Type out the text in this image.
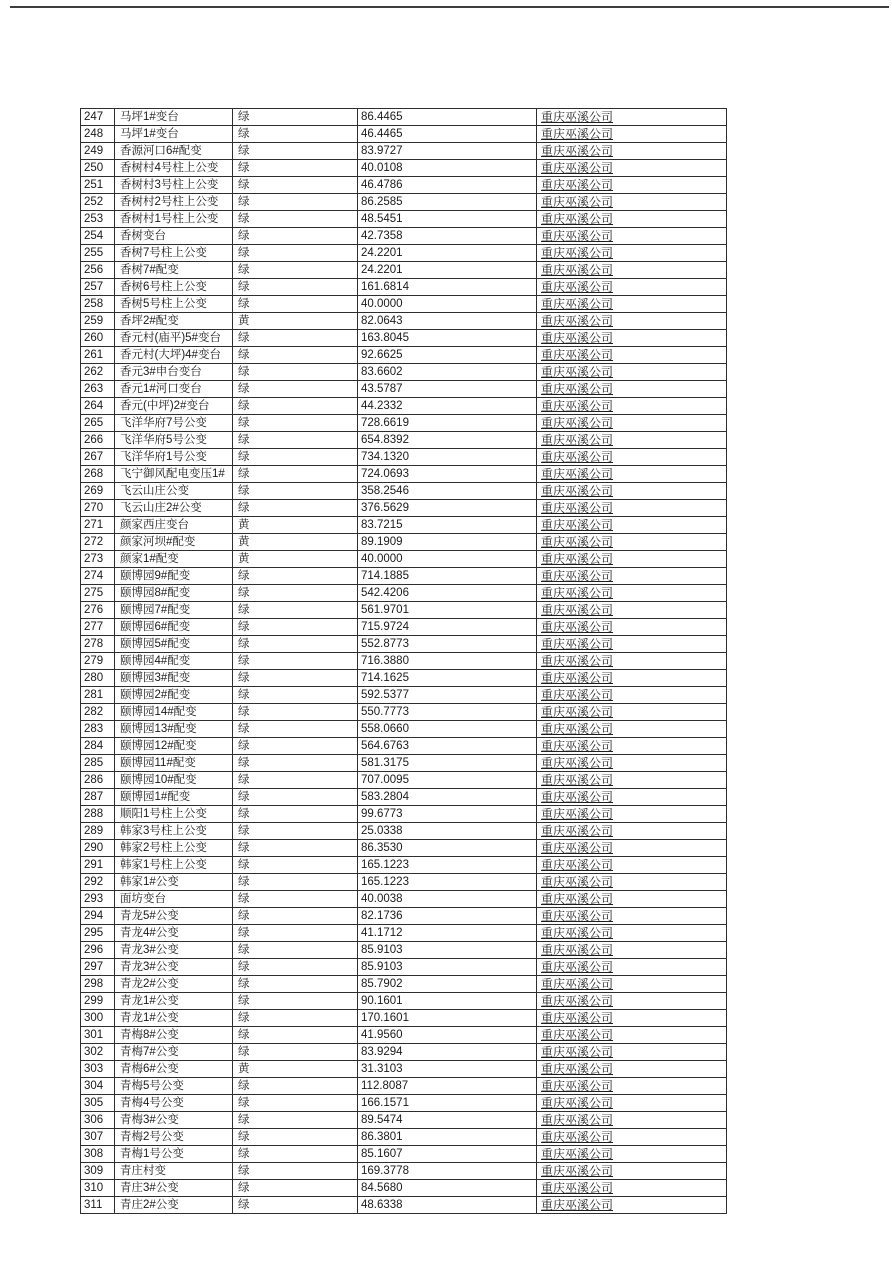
247	马坪1#变台	绿	86.4465	重庆巫溪公司
248	马坪1#变台	绿	46.4465	重庆巫溪公司
249	香源河口6#配变	绿	83.9727	重庆巫溪公司
250	香树村4号柱上公变	绿	40.0108	重庆巫溪公司
251	香树村3号柱上公变	绿	46.4786	重庆巫溪公司
252	香树村2号柱上公变	绿	86.2585	重庆巫溪公司
253	香树村1号柱上公变	绿	48.5451	重庆巫溪公司
254	香树变台	绿	42.7358	重庆巫溪公司
255	香树7号柱上公变	绿	24.2201	重庆巫溪公司
256	香树7#配变	绿	24.2201	重庆巫溪公司
257	香树6号柱上公变	绿	161.6814	重庆巫溪公司
258	香树5号柱上公变	绿	40.0000	重庆巫溪公司
259	香坪2#配变	黄	82.0643	重庆巫溪公司
260	香元村(庙平)5#变台	绿	163.8045	重庆巫溪公司
261	香元村(大坪)4#变台	绿	92.6625	重庆巫溪公司
262	香元3#申台变台	绿	83.6602	重庆巫溪公司
263	香元1#河口变台	绿	43.5787	重庆巫溪公司
264	香元(中坪)2#变台	绿	44.2332	重庆巫溪公司
265	飞洋华府7号公变	绿	728.6619	重庆巫溪公司
266	飞洋华府5号公变	绿	654.8392	重庆巫溪公司
267	飞洋华府1号公变	绿	734.1320	重庆巫溪公司
268	飞宁御风配电变压1#	绿	724.0693	重庆巫溪公司
269	飞云山庄公变	绿	358.2546	重庆巫溪公司
270	飞云山庄2#公变	绿	376.5629	重庆巫溪公司
271	颜家西庄变台	黄	83.7215	重庆巫溪公司
272	颜家河坝#配变	黄	89.1909	重庆巫溪公司
273	颜家1#配变	黄	40.0000	重庆巫溪公司
274	颐博园9#配变	绿	714.1885	重庆巫溪公司
275	颐博园8#配变	绿	542.4206	重庆巫溪公司
276	颐博园7#配变	绿	561.9701	重庆巫溪公司
277	颐博园6#配变	绿	715.9724	重庆巫溪公司
278	颐博园5#配变	绿	552.8773	重庆巫溪公司
279	颐博园4#配变	绿	716.3880	重庆巫溪公司
280	颐博园3#配变	绿	714.1625	重庆巫溪公司
281	颐博园2#配变	绿	592.5377	重庆巫溪公司
282	颐博园14#配变	绿	550.7773	重庆巫溪公司
283	颐博园13#配变	绿	558.0660	重庆巫溪公司
284	颐博园12#配变	绿	564.6763	重庆巫溪公司
285	颐博园11#配变	绿	581.3175	重庆巫溪公司
286	颐博园10#配变	绿	707.0095	重庆巫溪公司
287	颐博园1#配变	绿	583.2804	重庆巫溪公司
288	顺阳1号柱上公变	绿	99.6773	重庆巫溪公司
289	韩家3号柱上公变	绿	25.0338	重庆巫溪公司
290	韩家2号柱上公变	绿	86.3530	重庆巫溪公司
291	韩家1号柱上公变	绿	165.1223	重庆巫溪公司
292	韩家1#公变	绿	165.1223	重庆巫溪公司
293	面坊变台	绿	40.0038	重庆巫溪公司
294	青龙5#公变	绿	82.1736	重庆巫溪公司
295	青龙4#公变	绿	41.1712	重庆巫溪公司
296	青龙3#公变	绿	85.9103	重庆巫溪公司
297	青龙3#公变	绿	85.9103	重庆巫溪公司
298	青龙2#公变	绿	85.7902	重庆巫溪公司
299	青龙1#公变	绿	90.1601	重庆巫溪公司
300	青龙1#公变	绿	170.1601	重庆巫溪公司
301	青梅8#公变	绿	41.9560	重庆巫溪公司
302	青梅7#公变	绿	83.9294	重庆巫溪公司
303	青梅6#公变	黄	31.3103	重庆巫溪公司
304	青梅5号公变	绿	112.8087	重庆巫溪公司
305	青梅4号公变	绿	166.1571	重庆巫溪公司
306	青梅3#公变	绿	89.5474	重庆巫溪公司
307	青梅2号公变	绿	86.3801	重庆巫溪公司
308	青梅1号公变	绿	85.1607	重庆巫溪公司
309	青庄村变	绿	169.3778	重庆巫溪公司
310	青庄3#公变	绿	84.5680	重庆巫溪公司
311	青庄2#公变	绿	48.6338	重庆巫溪公司
